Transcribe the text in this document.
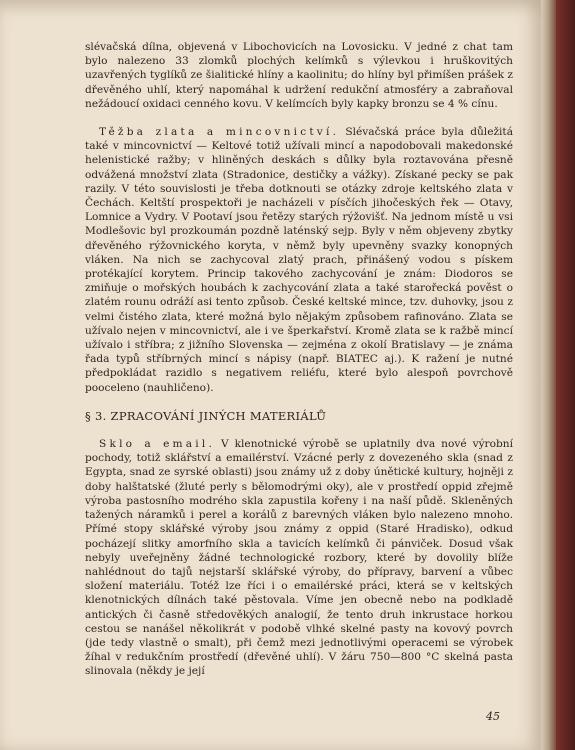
slévačská dílna, objevená v Libochovicích na Lovosicku. V jedné z chat tam bylo nalezeno 33 zlomků plochých kelímků s výlevkou i hruškovitých uzavřených tyglíků ze šialitické hlíny a kaolinitu; do hlíny byl přimíšen prášek z dřevěného uhlí, který napomáhal k udržení redukční atmosféry a zabraňoval nežádoucí oxidaci cenného kovu. V kelímcích byly kapky bronzu se 4 % cínu.

Těžba zlata a mincovnictví. Slévačská práce byla důležitá také v mincovnictví — Keltové totiž užívali mincí a napodobovali makedonské helenistické ražby; v hliněných deskách s důlky byla roztavována přesně odvážená množství zlata (Stradonice, destičky a vážky). Získané pecky se pak razily. V této souvislosti je třeba dotknouti se otázky zdroje keltského zlata v Čechách. Keltští prospektoři je nacházeli v písčích jihočeských řek — Otavy, Lomnice a Vydry. V Pootaví jsou řetězy starých rýžovišť. Na jednom místě u vsi Modlešovic byl prozkoumán pozdně laténský sejp. Byly v něm objeveny zbytky dřevěného rýžovnického koryta, v němž byly upevněny svazky konopných vláken. Na nich se zachycoval zlatý prach, přinášený vodou s pískem protékající korytem. Princip takového zachycování je znám: Diodoros se zmiňuje o mořských houbách k zachycování zlata a také starořecká pověst o zlatém rounu odráží asi tento způsob. České keltské mince, tzv. duhovky, jsou z velmi čistého zlata, které možná bylo nějakým způsobem rafinováno. Zlata se užívalo nejen v mincovnictví, ale i ve šperkařství. Kromě zlata se k ražbě mincí užívalo i stříbra; z jižního Slovenska — zejména z okolí Bratislavy — je známa řada typů stříbrných mincí s nápisy (např. BIATEC aj.). K ražení je nutné předpokládat razidlo s negativem reliéfu, které bylo alespoň povrchově pooceleno (nauhličeno).

§ 3. ZPRACOVÁNÍ JINÝCH MATERIÁLŮ

Sklo a email. V klenotnické výrobě se uplatnily dva nové výrobní pochody, totiž sklářství a emailérství. Vzácné perly z dovezeného skla (snad z Egypta, snad ze syrské oblasti) jsou známy už z doby únětické kultury, hojněji z doby halštatské (žluté perly s bělomodrými oky), ale v prostředí oppid zřejmě výroba pastosního modrého skla zapustila kořeny i na naší půdě. Skleněných tažených náramků i perel a korálů z barevných vláken bylo nalezeno mnoho. Přímé stopy sklářské výroby jsou známy z oppid (Staré Hradisko), odkud pocházejí slitky amorfního skla a tavicích kelímků či pánviček. Dosud však nebyly uveřejněny žádné technologické rozbory, které by dovolily blíže nahlédnout do tajů nejstarší sklářské výroby, do přípravy, barvení a vůbec složení materiálu. Totéž lze říci i o emailérské práci, která se v keltských klenotnických dílnách také pěstovala. Víme jen obecně nebo na podkladě antických či časně středověkých analogií, že tento druh inkrustace horkou cestou se nanášel několikrát v podobě vlhké skelné pasty na kovový povrch (jde tedy vlastně o smalt), při čemž mezi jednotlivými operacemi se výrobek žíhal v redukčním prostředí (dřevěné uhlí). V žáru 750—800 °C skelná pasta slinovala (někdy je její

45
